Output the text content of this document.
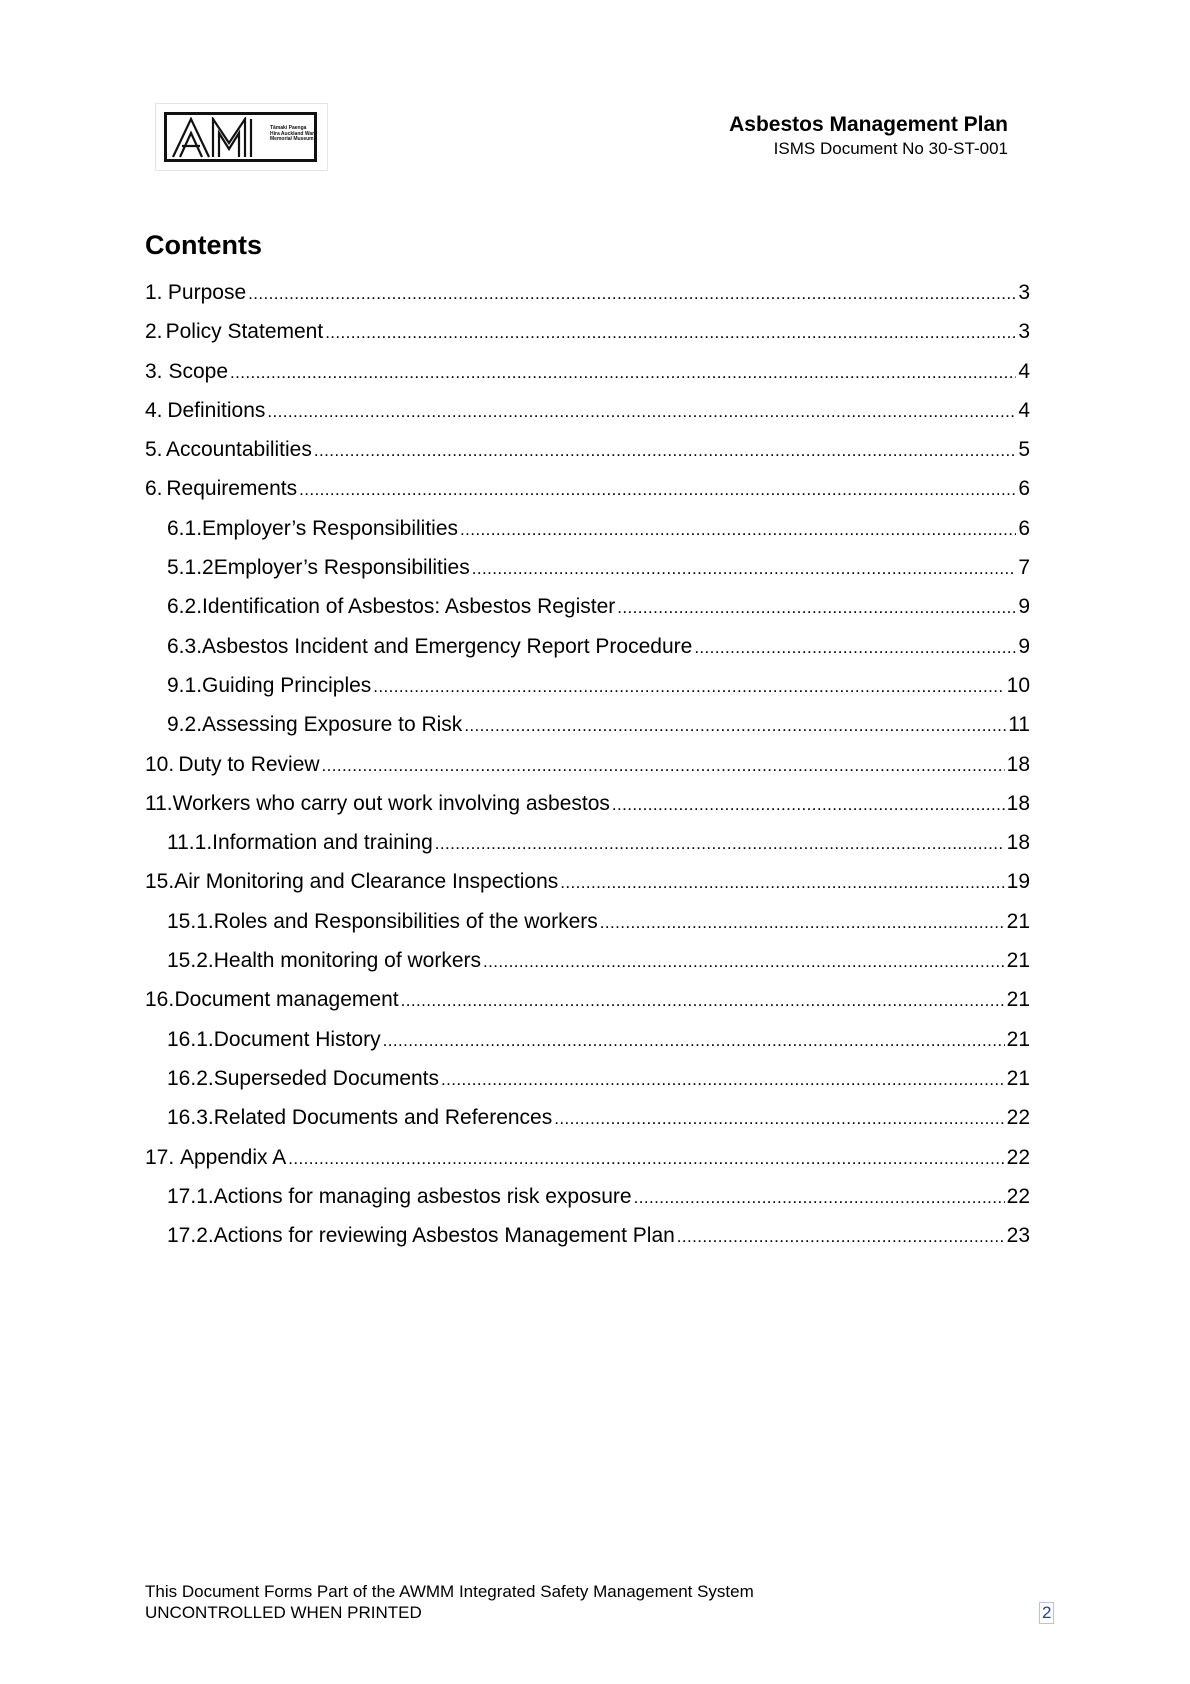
Tāmaki Paenga Hira Auckland War Memorial Museum
Asbestos Management Plan
ISMS Document No 30-ST-001
Contents
1. Purpose .....	3
2. Policy Statement .....	3
3. Scope .....	4
4. Definitions .....	4
5. Accountabilities .....	5
6. Requirements .....	6
6.1. Employer’s Responsibilities .....	6
5.1.2 Employer’s Responsibilities .....	7
6.2. Identification of Asbestos: Asbestos Register .....	9
6.3. Asbestos Incident and Emergency Report Procedure .....	9
9.1. Guiding Principles .....	10
9.2. Assessing Exposure to Risk .....	11
10. Duty to Review .....	18
11. Workers who carry out work involving asbestos .....	18
11.1. Information and training .....	18
15. Air Monitoring and Clearance Inspections .....	19
15.1. Roles and Responsibilities of the workers .....	21
15.2. Health monitoring of workers .....	21
16. Document management .....	21
16.1. Document History .....	21
16.2. Superseded Documents .....	21
16.3. Related Documents and References .....	22
17. Appendix A .....	22
17.1. Actions for managing asbestos risk exposure .....	22
17.2. Actions for reviewing Asbestos Management Plan .....	23
This Document Forms Part of the AWMM Integrated Safety Management System
UNCONTROLLED WHEN PRINTED	2
